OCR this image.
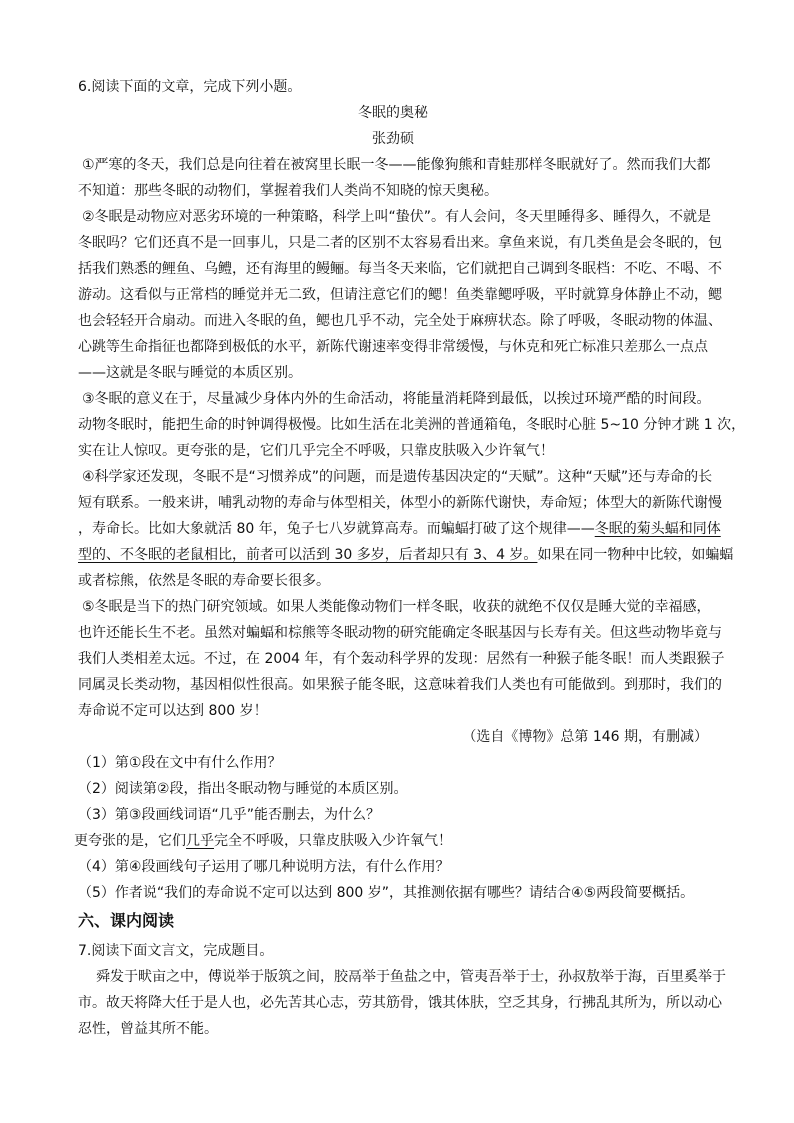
6.阅读下面的文章，完成下列小题。

冬眠的奥秘

张劲硕

①严寒的冬天，我们总是向往着在被窝里长眠一冬——能像狗熊和青蛙那样冬眠就好了。然而我们大都

不知道：那些冬眠的动物们，掌握着我们人类尚不知晓的惊天奥秘。

②冬眠是动物应对恶劣环境的一种策略，科学上叫“蛰伏”。有人会问，冬天里睡得多、睡得久，不就是

冬眠吗？它们还真不是一回事儿，只是二者的区别不太容易看出来。拿鱼来说，有几类鱼是会冬眠的，包

括我们熟悉的鲤鱼、乌鳢，还有海里的鳗鲡。每当冬天来临，它们就把自己调到冬眠档：不吃、不喝、不

游动。这看似与正常档的睡觉并无二致，但请注意它们的鳃！鱼类靠鳃呼吸，平时就算身体静止不动，鳃

也会轻轻开合扇动。而进入冬眠的鱼，鳃也几乎不动，完全处于麻痹状态。除了呼吸，冬眠动物的体温、

心跳等生命指征也都降到极低的水平，新陈代谢速率变得非常缓慢，与休克和死亡标准只差那么一点点

——这就是冬眠与睡觉的本质区别。

③冬眠的意义在于，尽量减少身体内外的生命活动，将能量消耗降到最低，以挨过环境严酷的时间段。

动物冬眠时，能把生命的时钟调得极慢。比如生活在北美洲的普通箱龟，冬眠时心脏 5~10 分钟才跳 1 次，

实在让人惊叹。更夸张的是，它们几乎完全不呼吸，只靠皮肤吸入少许氧气！

④科学家还发现，冬眠不是“习惯养成”的问题，而是遗传基因决定的“天赋”。这种“天赋”还与寿命的长

短有联系。一般来讲，哺乳动物的寿命与体型相关，体型小的新陈代谢快，寿命短；体型大的新陈代谢慢

，寿命长。比如大象就活 80 年，兔子七八岁就算高寿。而蝙蝠打破了这个规律——冬眠的菊头蝠和同体

型的、不冬眠的老鼠相比，前者可以活到 30 多岁，后者却只有 3、4 岁。如果在同一物种中比较，如蝙蝠

或者棕熊，依然是冬眠的寿命要长很多。

⑤冬眠是当下的热门研究领域。如果人类能像动物们一样冬眠，收获的就绝不仅仅是睡大觉的幸福感，

也许还能长生不老。虽然对蝙蝠和棕熊等冬眠动物的研究能确定冬眠基因与长寿有关。但这些动物毕竟与

我们人类相差太远。不过，在 2004 年，有个轰动科学界的发现：居然有一种猴子能冬眠！而人类跟猴子

同属灵长类动物，基因相似性很高。如果猴子能冬眠，这意味着我们人类也有可能做到。到那时，我们的

寿命说不定可以达到 800 岁！

（选自《博物》总第 146 期，有删减）

（1）第①段在文中有什么作用？

（2）阅读第②段，指出冬眠动物与睡觉的本质区别。

（3）第③段画线词语“几乎”能否删去，为什么？

更夸张的是，它们几乎完全不呼吸，只靠皮肤吸入少许氧气！

（4）第④段画线句子运用了哪几种说明方法，有什么作用？

（5）作者说“我们的寿命说不定可以达到 800 岁”，其推测依据有哪些？请结合④⑤两段简要概括。

六、课内阅读

7.阅读下面文言文，完成题目。

舜发于畎亩之中，傅说举于版筑之间，胶鬲举于鱼盐之中，管夷吾举于士，孙叔敖举于海，百里奚举于

市。故天将降大任于是人也，必先苦其心志，劳其筋骨，饿其体肤，空乏其身，行拂乱其所为，所以动心

忍性，曾益其所不能。
